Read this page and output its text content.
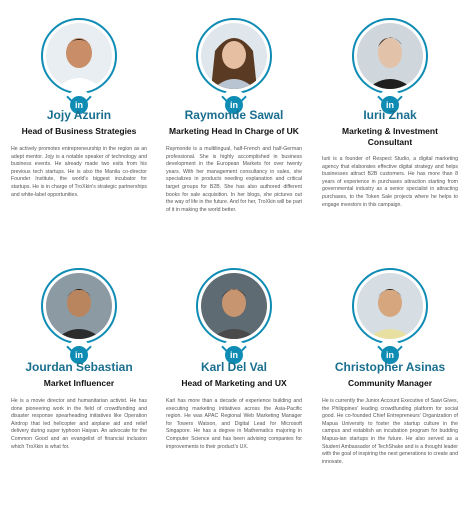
in
Jojy Azurin
Head of Business Strategies
He actively promotes entrepreneurship in the region as an adept mentor. Jojy is a notable speaker of technology and business events. He already made two exits from his previous tech startups. He is also the Manila co-director Founder Institute, the world's biggest incubator for startups. He is in charge of TroXkin's strategic partnerships and white-label opportunities.
in
Raymonde Sawal
Marketing Head In Charge of UK
Raymonde is a multilingual, half-French and half-German professional. She is highly accomplished in business development in the European Markets for over twenty years. With her management consultancy in sales, she specializes in products needing explanation and critical target groups for B2B. She has also authored different books for sale acquisition. In her blogs, she pictures out the way of life in the future. And for her, TroXkin will be part of it in making the world better.
in
Iurii Znak
Marketing & Investment Consultant
Iurii is a founder of Respect Studio, a digital marketing agency that elaborates effective digital strategy and helps businesses attract B2B customers. He has more than 8 years of experience in purchases attraction starting from governmental industry as a senior specialist in attracting purchases, to the Token Sale projects where he helps to engage investors in this campaign.
in
Jourdan Sebastian
Market Influencer
He is a movie director and humanitarian activist. He has done pioneering work in the field of crowdfunding and disaster response spearheading initiatives like Operation Airdrop that led helicopter and airplane aid and relief delivery during super typhoon Haiyan. An advocate for the Common Good and an evangelist of financial inclusion which TroXkin is what for.
in
Karl Del Val
Head of Marketing and UX
Karl has more than a decade of experience building and executing marketing initiatives across the Asia-Pacific region. He was APAC Regional Web Marketing Manager for Towers Watson, and Digital Lead for Microsoft Singapore. He has a degree in Mathematics majoring in Computer Science and has been advising companies for improvements to their product's UX.
in
Christopher Asinas
Community Manager
He is currently the Junior Account Executive of Sawi Gives, the Philippines' leading crowdfunding platform for social good. He co-founded Chief Entrepreneurs' Organization of Mapua University to foster the startup culture in the campus and establish an incubation program for budding Mapua-ian startups in the future. He also served as a Student Ambassador of TechShake and is a thought leader with the goal of inspiring the next generations to create and innovate.
